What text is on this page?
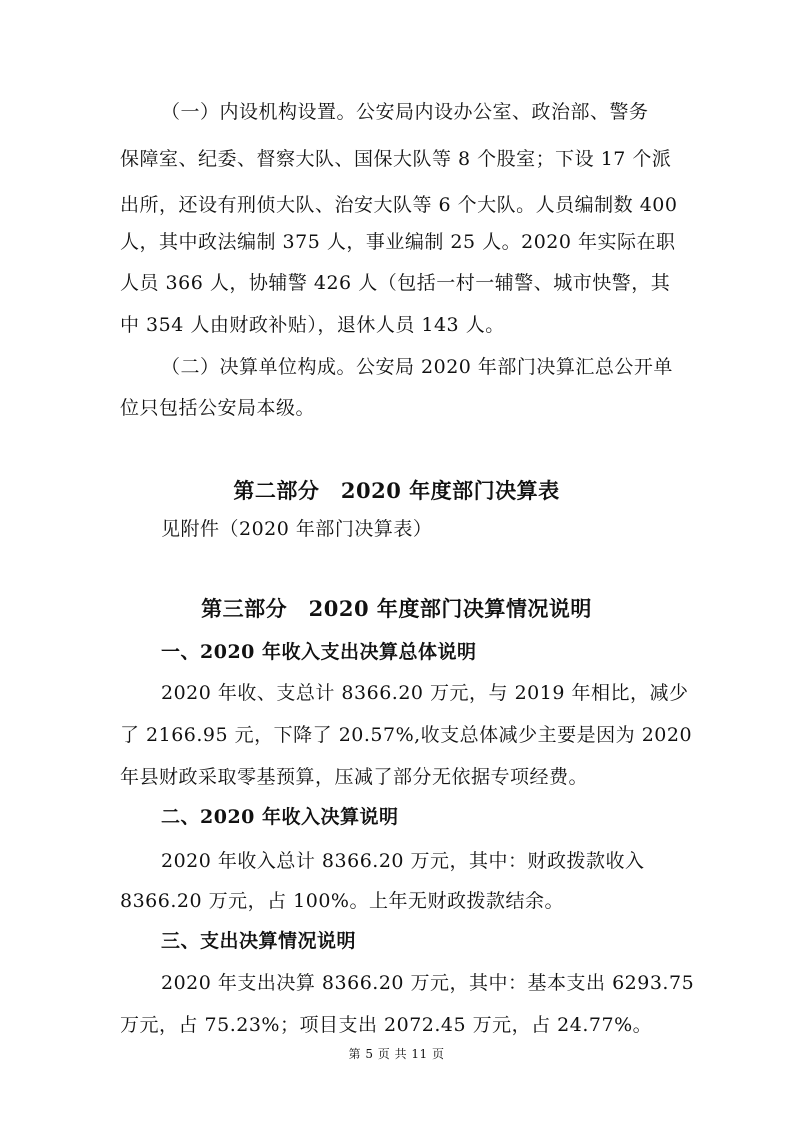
（一）内设机构设置。公安局内设办公室、政治部、警务
保障室、纪委、督察大队、国保大队等 8 个股室；下设 17 个派
出所，还设有刑侦大队、治安大队等 6 个大队。人员编制数 400
人，其中政法编制 375 人，事业编制 25 人。2020 年实际在职
人员 366 人，协辅警 426 人（包括一村一辅警、城市快警，其
中 354 人由财政补贴），退休人员 143 人。
（二）决算单位构成。公安局 2020 年部门决算汇总公开单
位只包括公安局本级。
第二部分　2020 年度部门决算表
见附件（2020 年部门决算表）
第三部分　2020 年度部门决算情况说明
一、2020 年收入支出决算总体说明
2020 年收、支总计 8366.20 万元，与 2019 年相比，减少
了 2166.95 元，下降了 20.57%,收支总体减少主要是因为 2020
年县财政采取零基预算，压减了部分无依据专项经费。
二、2020 年收入决算说明
2020 年收入总计 8366.20 万元，其中：财政拨款收入
8366.20 万元，占 100%。上年无财政拨款结余。
三、支出决算情况说明
2020 年支出决算 8366.20 万元，其中：基本支出 6293.75
万元，占 75.23%；项目支出 2072.45 万元，占 24.77%。
第 5 页 共 11 页
